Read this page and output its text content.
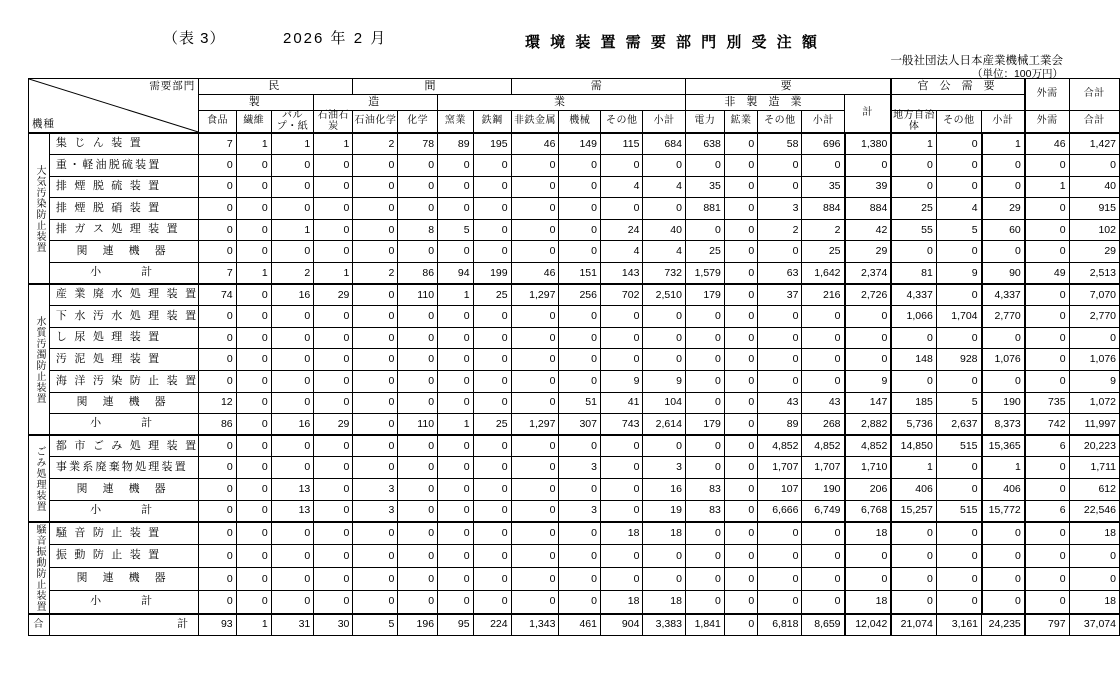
（表 3）	2026 年 2 月	環 境 装 置 需 要 部 門 別 受 注 額
一般社団法人日本産業機械工業会
（単位：100万円）
需要部門
機種		民				間				需				要					官 公 需 要			外需	合計
		製			造			業						非 製 造 業				計					
		食品	繊維	パルプ・紙	石油石炭	石油化学	化学	窯業	鉄鋼	非鉄金属	機械	その他	小計	電力	鉱業	その他	小計		地方自治体	その他	小計	外需	合計
大気汚染防止装置	集 じ ん 装 置	7	1	1	1	2	78	89	195	46	149	115	684	638	0	58	696	1,380	1	0	1	46	1,427
	重・軽油脱硫装置	0	0	0	0	0	0	0	0	0	0	0	0	0	0	0	0	0	0	0	0	0	0
	排 煙 脱 硫 装 置	0	0	0	0	0	0	0	0	0	0	4	4	35	0	0	35	39	0	0	0	1	40
	排 煙 脱 硝 装 置	0	0	0	0	0	0	0	0	0	0	0	0	881	0	3	884	884	25	4	29	0	915
	排 ガ ス 処 理 装 置	0	0	1	0	0	8	5	0	0	0	24	40	0	0	2	2	42	55	5	60	0	102
	関 連 機 器	0	0	0	0	0	0	0	0	0	0	4	4	25	0	0	25	29	0	0	0	0	29
	小　　計	7	1	2	1	2	86	94	199	46	151	143	732	1,579	0	63	1,642	2,374	81	9	90	49	2,513
水質汚濁防止装置	産 業 廃 水 処 理 装 置	74	0	16	29	0	110	1	25	1,297	256	702	2,510	179	0	37	216	2,726	4,337	0	4,337	0	7,070
	下 水 汚 水 処 理 装 置	0	0	0	0	0	0	0	0	0	0	0	0	0	0	0	0	0	1,066	1,704	2,770	0	2,770
	し 尿 処 理 装 置	0	0	0	0	0	0	0	0	0	0	0	0	0	0	0	0	0	0	0	0	0	0
	汚 泥 処 理 装 置	0	0	0	0	0	0	0	0	0	0	0	0	0	0	0	0	0	148	928	1,076	0	1,076
	海 洋 汚 染 防 止 装 置	0	0	0	0	0	0	0	0	0	0	9	9	0	0	0	0	9	0	0	0	0	9
	関 連 機 器	12	0	0	0	0	0	0	0	0	51	41	104	0	0	43	43	147	185	5	190	735	1,072
	小　　計	86	0	16	29	0	110	1	25	1,297	307	743	2,614	179	0	89	268	2,882	5,736	2,637	8,373	742	11,997
ごみ処理装置	都 市 ご み 処 理 装 置	0	0	0	0	0	0	0	0	0	0	0	0	0	0	4,852	4,852	4,852	14,850	515	15,365	6	20,223
	事業系廃棄物処理装置	0	0	0	0	0	0	0	0	0	3	0	3	0	0	1,707	1,707	1,710	1	0	1	0	1,711
	関 連 機 器	0	0	13	0	3	0	0	0	0	0	0	16	83	0	107	190	206	406	0	406	0	612
	小　　計	0	0	13	0	3	0	0	0	0	3	0	19	83	0	6,666	6,749	6,768	15,257	515	15,772	6	22,546
騒音振動防止装置	騒 音 防 止 装 置	0	0	0	0	0	0	0	0	0	0	18	18	0	0	0	0	18	0	0	0	0	18
	振 動 防 止 装 置	0	0	0	0	0	0	0	0	0	0	0	0	0	0	0	0	0	0	0	0	0	0
	関 連 機 器	0	0	0	0	0	0	0	0	0	0	0	0	0	0	0	0	0	0	0	0	0	0
	小　　計	0	0	0	0	0	0	0	0	0	0	18	18	0	0	0	0	18	0	0	0	0	18
合	計	93	1	31	30	5	196	95	224	1,343	461	904	3,383	1,841	0	6,818	8,659	12,042	21,074	3,161	24,235	797	37,074
